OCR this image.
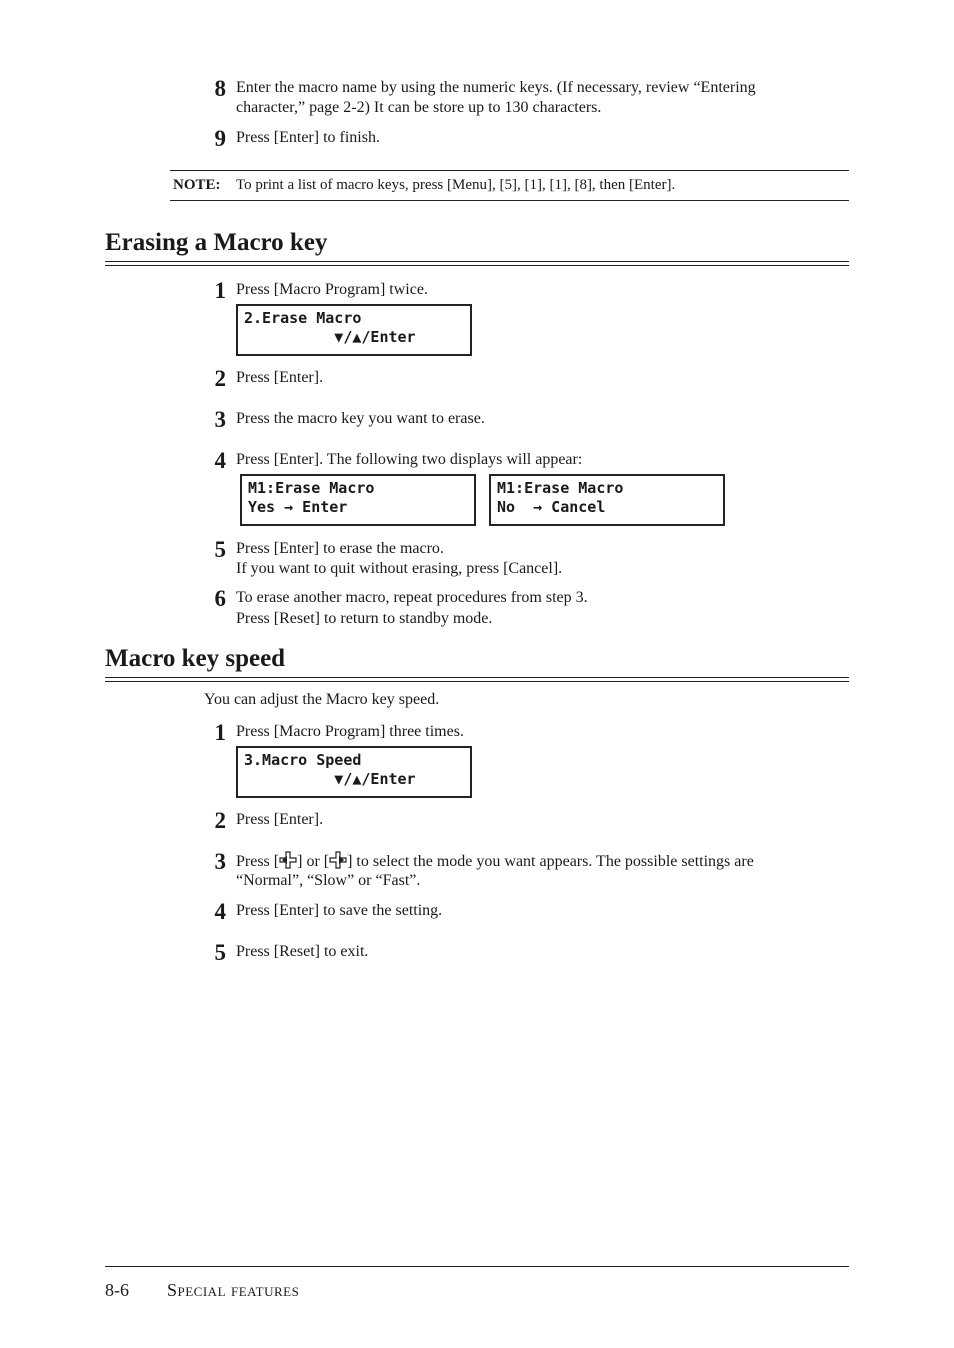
8 Enter the macro name by using the numeric keys. (If necessary, review “Entering
character,” page 2-2) It can be store up to 130 characters.
9 Press [Enter] to finish.
NOTE: To print a list of macro keys, press [Menu], [5], [1], [1], [8], then [Enter].
Erasing a Macro key
1 Press [Macro Program] twice.
2.Erase Macro
▼/▲/Enter
2 Press [Enter].
3 Press the macro key you want to erase.
4 Press [Enter]. The following two displays will appear:
M1:Erase Macro
Yes → Enter
M1:Erase Macro
No  → Cancel
5 Press [Enter] to erase the macro.
If you want to quit without erasing, press [Cancel].
6 To erase another macro, repeat procedures from step 3.
Press [Reset] to return to standby mode.
Macro key speed
You can adjust the Macro key speed.
1 Press [Macro Program] three times.
3.Macro Speed
▼/▲/Enter
2 Press [Enter].
3 Press [ ] or [ ] to select the mode you want appears. The possible settings are
“Normal”, “Slow” or “Fast”.
4 Press [Enter] to save the setting.
5 Press [Reset] to exit.
8-6 Special features
